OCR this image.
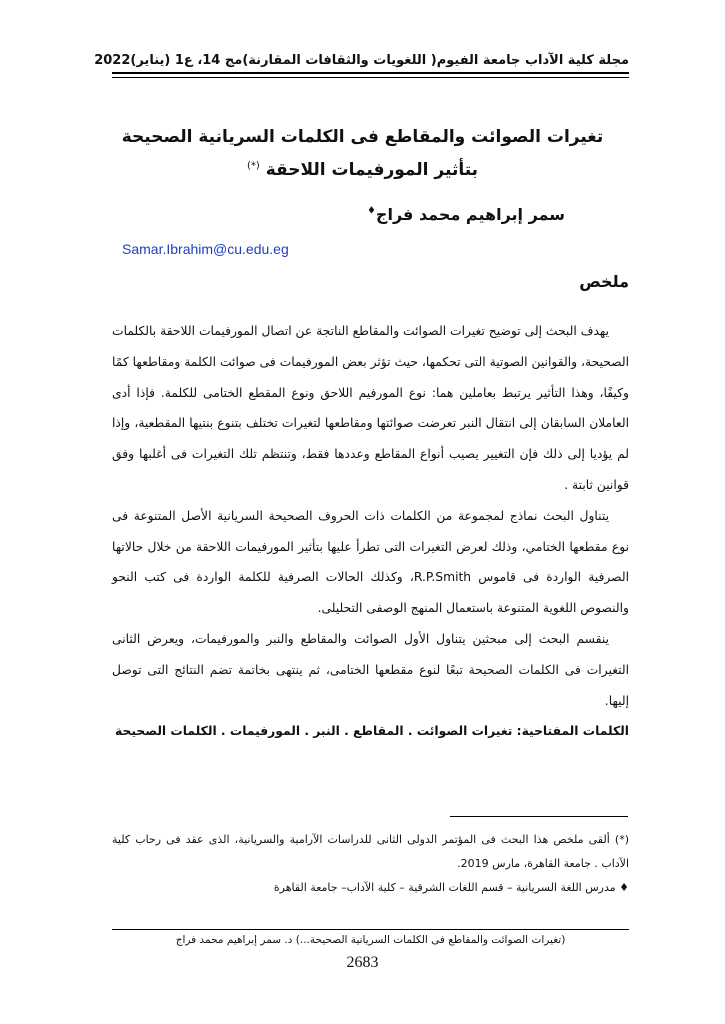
مجلة كلية الآداب جامعة الفيوم
( اللغويات والثقافات المقارنة)
مج 14، ع1 (يناير)2022
تغيرات الصوائت والمقاطع فى الكلمات السريانية الصحيحة
بتأثير المورفيمات اللاحقة (*)
سمر إبراهيم محمد فراج♦
Samar.Ibrahim@cu.edu.eg
ملخص

يهدف البحث إلى توضيح تغيرات الصوائت والمقاطع الناتجة عن اتصال المورفيمات اللاحقة بالكلمات الصحيحة، والقوانين الصوتية التى تحكمها، حيث تؤثر بعض المورفيمات فى صوائت الكلمة ومقاطعها كمًا وكيفًا، وهذا التأثير يرتبط بعاملين هما: نوع المورفيم اللاحق ونوع المقطع الختامى للكلمة. فإذا أدى العاملان السابقان إلى انتقال النبر تعرضت صوائتها ومقاطعها لتغيرات تختلف بتنوع بنتيها المقطعية، وإذا لم يؤديا إلى ذلك فإن التغيير يصيب أنواع المقاطع وعددها فقط، وتنتظم تلك التغيرات فى أغلبها وفق قوانين ثابتة .

يتناول البحث نماذج لمجموعة من الكلمات ذات الحروف الصحيحة السريانية الأصل المتنوعة فى نوع مقطعها الختامي، وذلك لعرض التغيرات التى تطرأ عليها بتأثير المورفيمات اللاحقة من خلال حالاتها الصرفية الواردة فى قاموس R.P.Smith، وكذلك الحالات الصرفية للكلمة الواردة فى كتب النحو والنصوص اللغوية المتنوعة باستعمال المنهج الوصفى التحليلى.

ينقسم البحث إلى مبحثين يتناول الأول الصوائت والمقاطع والنبر والمورفيمات، ويعرض الثانى التغيرات فى الكلمات الصحيحة تبعًا لنوع مقطعها الختامى، ثم ينتهى بخاتمة تضم النتائج التى توصل إليها.

الكلمات المفتاحية: تغيرات الصوائت . المقاطع . النبر . المورفيمات . الكلمات الصحيحة

(*) ألقى ملخص هذا البحث فى المؤتمر الدولى الثانى للدراسات الآرامية والسريانية، الذى عقد فى رحاب كلية الآداب . جامعة القاهرة، مارس 2019.

♦ مدرس اللغة السريانية – قسم اللغات الشرقية – كلية الآداب– جامعة القاهرة

(تغيرات الصوائت والمقاطع فى الكلمات السريانية الصحيحة...) د. سمر إبراهيم محمد فراج
2683
